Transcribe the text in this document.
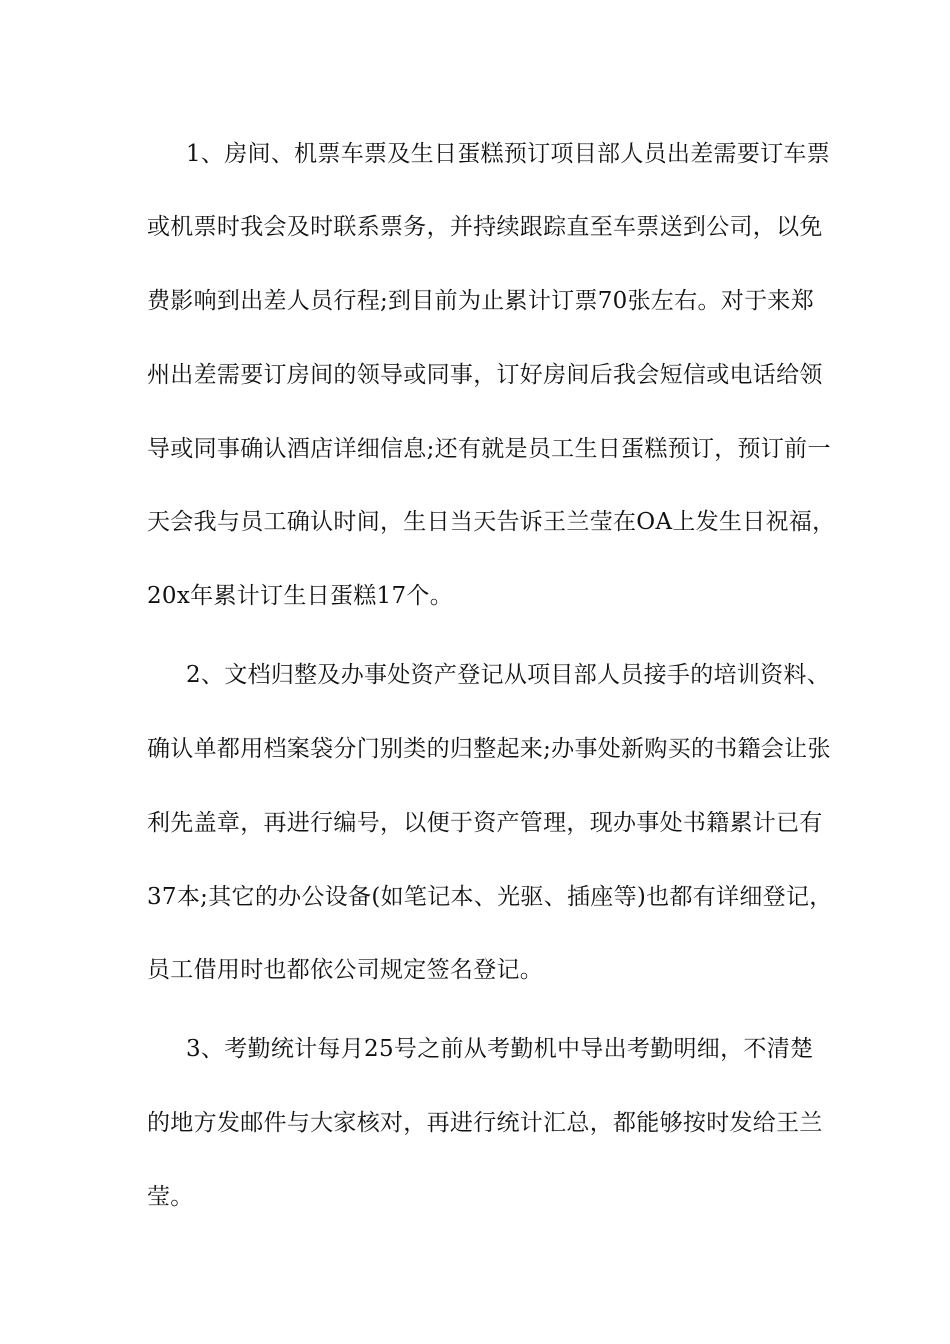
1、房间、机票车票及生日蛋糕预订项目部人员出差需要订车票
或机票时我会及时联系票务，并持续跟踪直至车票送到公司，以免
费影响到出差人员行程;到目前为止累计订票70张左右。对于来郑
州出差需要订房间的领导或同事，订好房间后我会短信或电话给领
导或同事确认酒店详细信息;还有就是员工生日蛋糕预订，预订前一
天会我与员工确认时间，生日当天告诉王兰莹在OA上发生日祝福，
20x年累计订生日蛋糕17个。
2、文档归整及办事处资产登记从项目部人员接手的培训资料、
确认单都用档案袋分门别类的归整起来;办事处新购买的书籍会让张
利先盖章，再进行编号，以便于资产管理，现办事处书籍累计已有
37本;其它的办公设备(如笔记本、光驱、插座等)也都有详细登记，
员工借用时也都依公司规定签名登记。
3、考勤统计每月25号之前从考勤机中导出考勤明细，不清楚
的地方发邮件与大家核对，再进行统计汇总，都能够按时发给王兰
莹。
